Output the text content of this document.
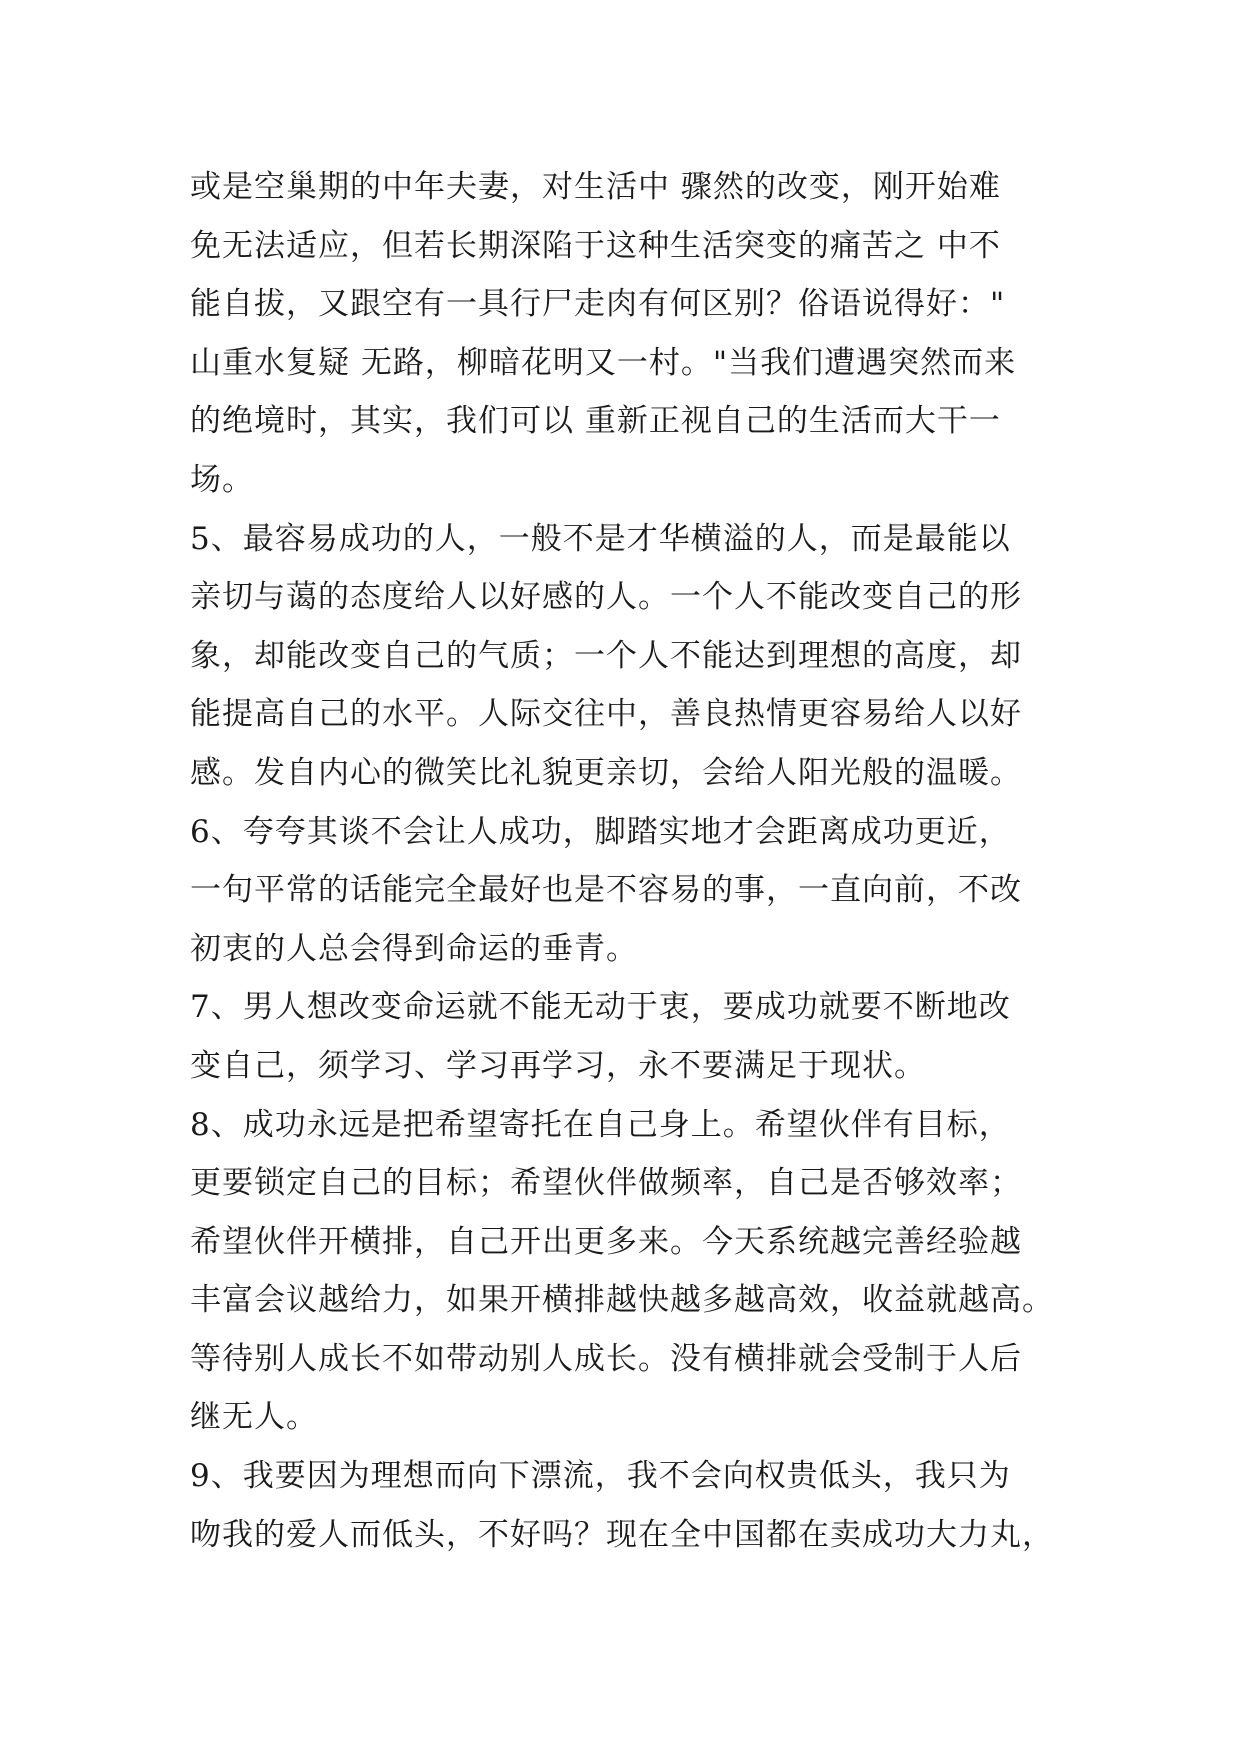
或是空巢期的中年夫妻，对生活中 骤然的改变，刚开始难
免无法适应，但若长期深陷于这种生活突变的痛苦之 中不
能自拔，又跟空有一具行尸走肉有何区别？俗语说得好："
山重水复疑 无路，柳暗花明又一村。"当我们遭遇突然而来
的绝境时，其实，我们可以 重新正视自己的生活而大干一
场。
5、最容易成功的人，一般不是才华横溢的人，而是最能以
亲切与蔼的态度给人以好感的人。一个人不能改变自己的形
象，却能改变自己的气质；一个人不能达到理想的高度，却
能提高自己的水平。人际交往中，善良热情更容易给人以好
感。发自内心的微笑比礼貌更亲切，会给人阳光般的温暖。
6、夸夸其谈不会让人成功，脚踏实地才会距离成功更近，
一句平常的话能完全最好也是不容易的事，一直向前，不改
初衷的人总会得到命运的垂青。
7、男人想改变命运就不能无动于衷，要成功就要不断地改
变自己，须学习、学习再学习，永不要满足于现状。
8、成功永远是把希望寄托在自己身上。希望伙伴有目标，
更要锁定自己的目标；希望伙伴做频率，自己是否够效率；
希望伙伴开横排，自己开出更多来。今天系统越完善经验越
丰富会议越给力，如果开横排越快越多越高效，收益就越高。
等待别人成长不如带动别人成长。没有横排就会受制于人后
继无人。
9、我要因为理想而向下漂流，我不会向权贵低头，我只为
吻我的爱人而低头，不好吗？现在全中国都在卖成功大力丸，
